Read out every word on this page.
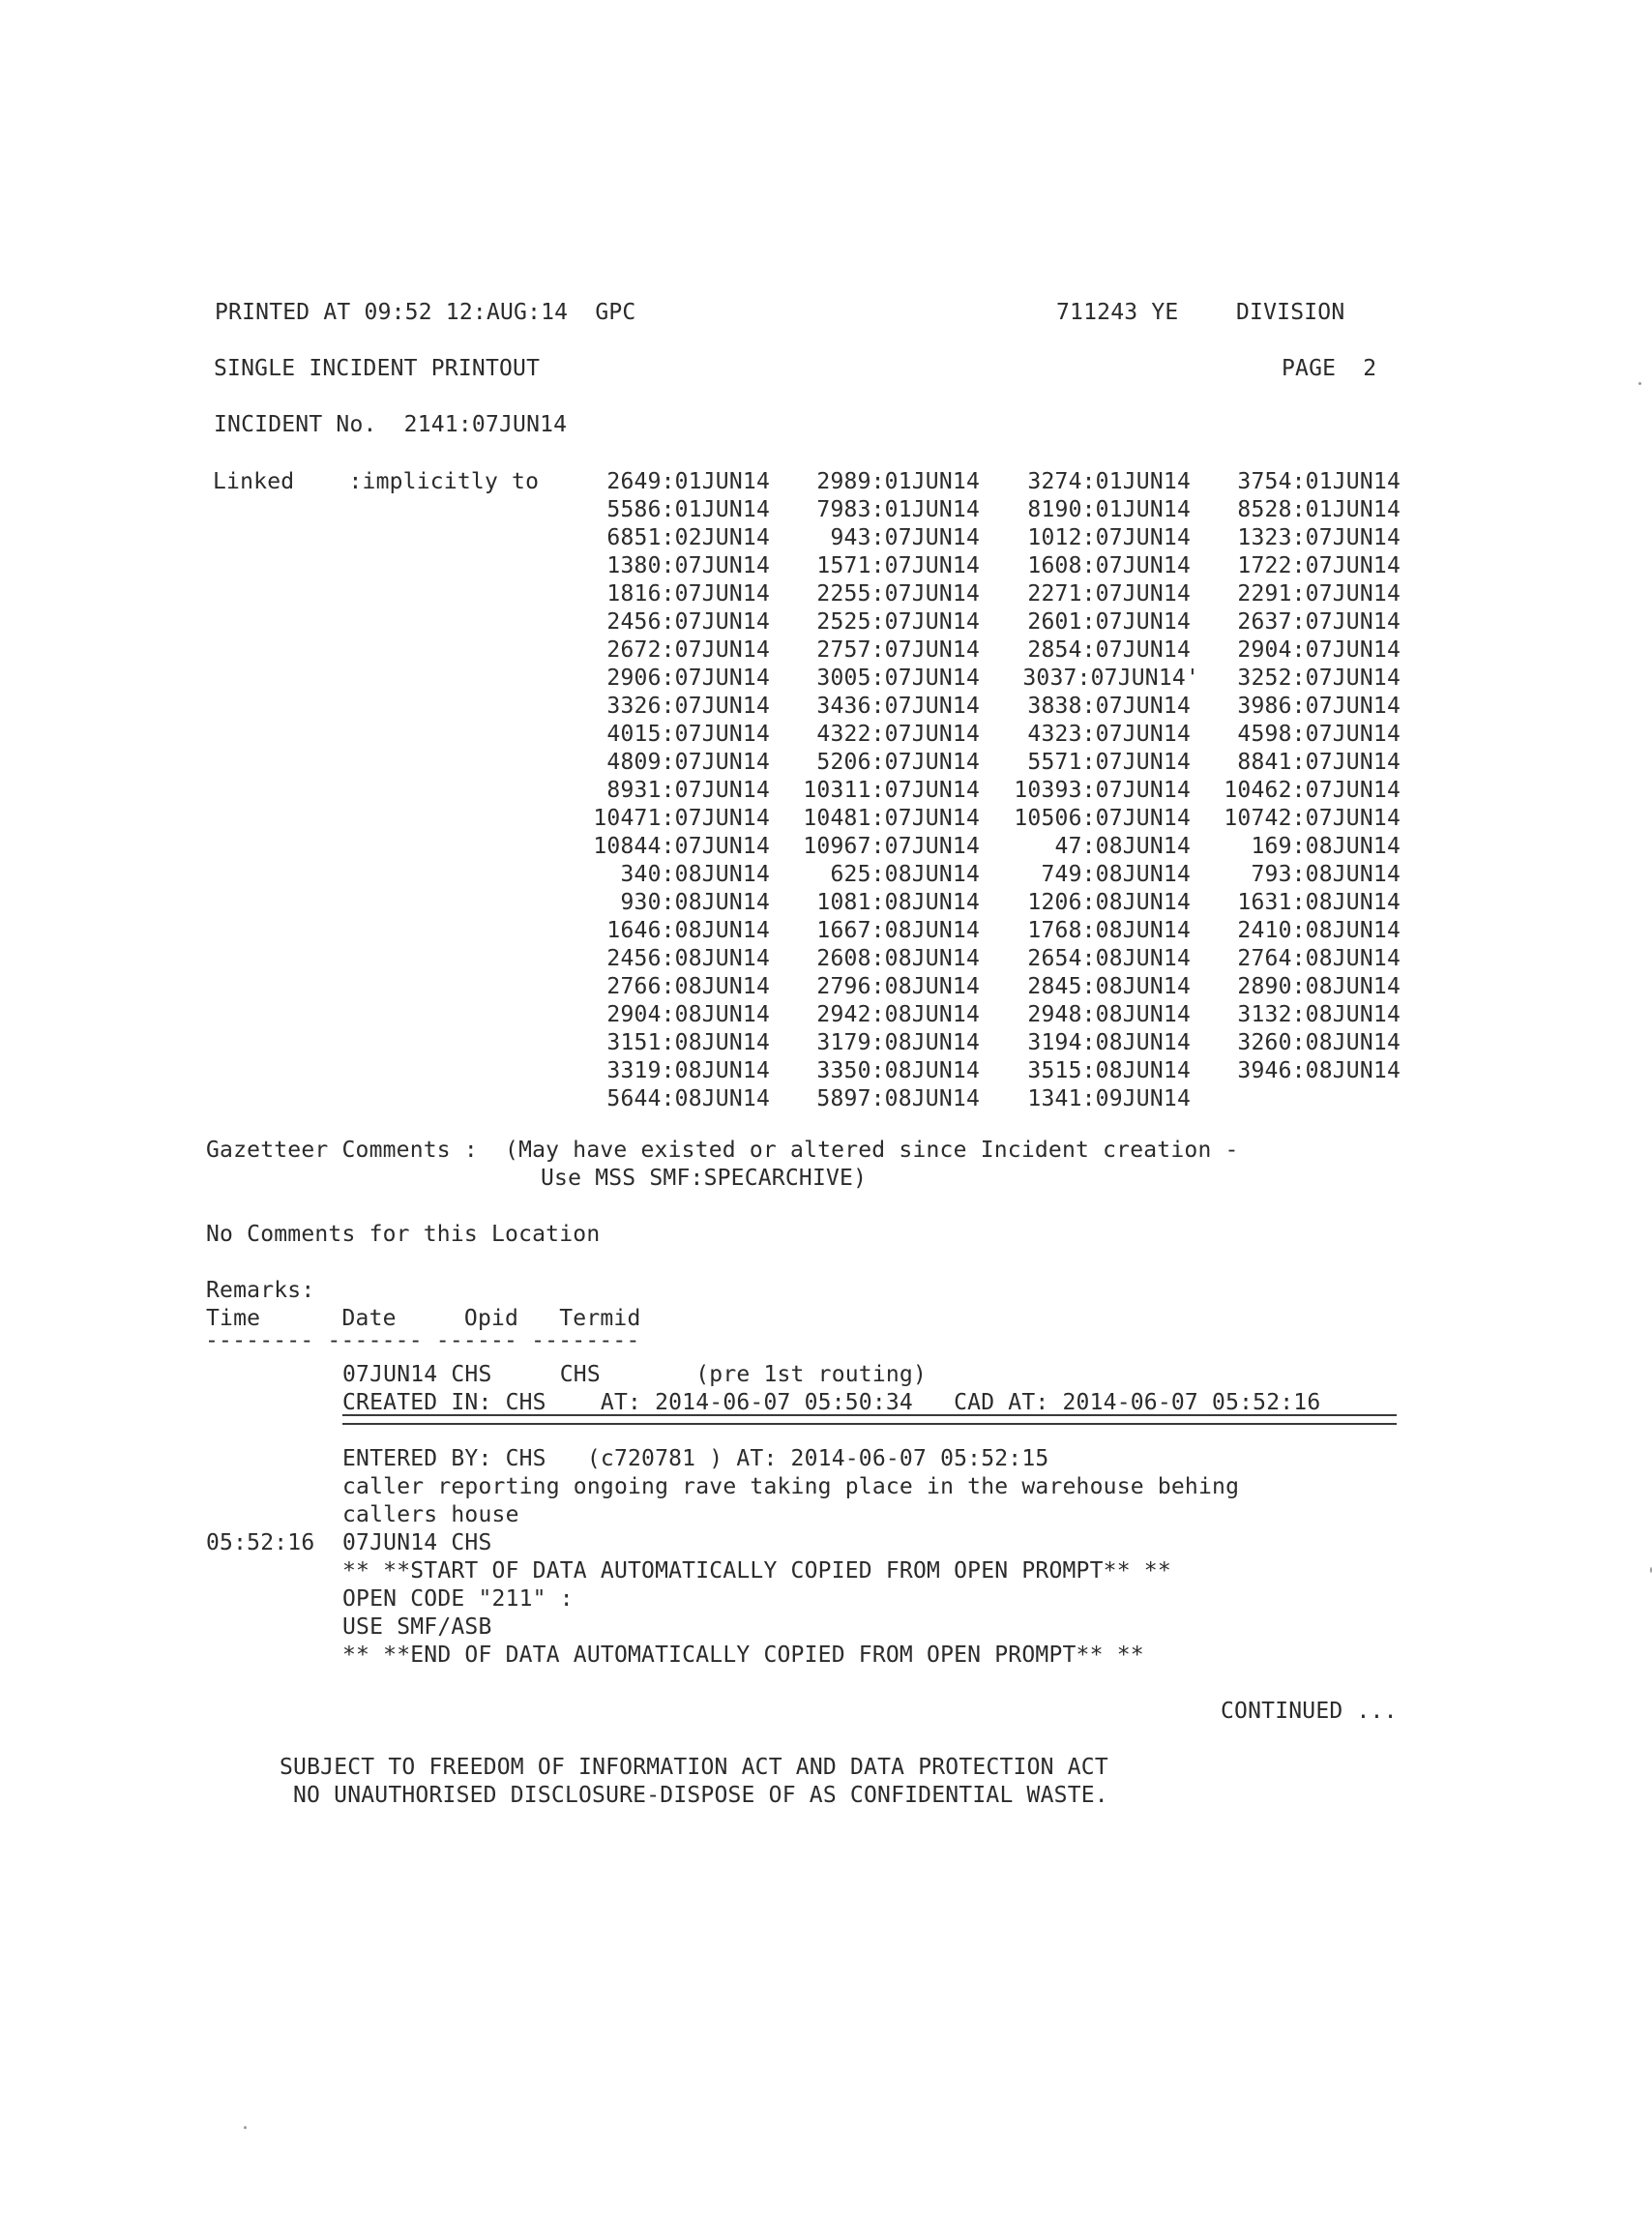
PRINTED AT 09:52 12:AUG:14  GPC	711243 YE	DIVISION
SINGLE INCIDENT PRINTOUT	PAGE  2
INCIDENT No.  2141:07JUN14
Linked    :implicitly to	2649:01JUN14	2989:01JUN14	3274:01JUN14	3754:01JUN14
5586:01JUN14	7983:01JUN14	8190:01JUN14	8528:01JUN14
6851:02JUN14	943:07JUN14	1012:07JUN14	1323:07JUN14
1380:07JUN14	1571:07JUN14	1608:07JUN14	1722:07JUN14
1816:07JUN14	2255:07JUN14	2271:07JUN14	2291:07JUN14
2456:07JUN14	2525:07JUN14	2601:07JUN14	2637:07JUN14
2672:07JUN14	2757:07JUN14	2854:07JUN14	2904:07JUN14
2906:07JUN14	3005:07JUN14	3037:07JUN14'	3252:07JUN14
3326:07JUN14	3436:07JUN14	3838:07JUN14	3986:07JUN14
4015:07JUN14	4322:07JUN14	4323:07JUN14	4598:07JUN14
4809:07JUN14	5206:07JUN14	5571:07JUN14	8841:07JUN14
8931:07JUN14	10311:07JUN14	10393:07JUN14	10462:07JUN14
10471:07JUN14	10481:07JUN14	10506:07JUN14	10742:07JUN14
10844:07JUN14	10967:07JUN14	47:08JUN14	169:08JUN14
340:08JUN14	625:08JUN14	749:08JUN14	793:08JUN14
930:08JUN14	1081:08JUN14	1206:08JUN14	1631:08JUN14
1646:08JUN14	1667:08JUN14	1768:08JUN14	2410:08JUN14
2456:08JUN14	2608:08JUN14	2654:08JUN14	2764:08JUN14
2766:08JUN14	2796:08JUN14	2845:08JUN14	2890:08JUN14
2904:08JUN14	2942:08JUN14	2948:08JUN14	3132:08JUN14
3151:08JUN14	3179:08JUN14	3194:08JUN14	3260:08JUN14
3319:08JUN14	3350:08JUN14	3515:08JUN14	3946:08JUN14
5644:08JUN14	5897:08JUN14	1341:09JUN14
Gazetteer Comments :  (May have existed or altered since Incident creation -
Use MSS SMF:SPECARCHIVE)
No Comments for this Location
Remarks:
Time      Date     Opid   Termid
-------- ------- ------ --------
07JUN14 CHS     CHS       (pre 1st routing)
CREATED IN: CHS    AT: 2014-06-07 05:50:34   CAD AT: 2014-06-07 05:52:16
ENTERED BY: CHS   (c720781 ) AT: 2014-06-07 05:52:15
caller reporting ongoing rave taking place in the warehouse behing
callers house
05:52:16 07JUN14 CHS
** **START OF DATA AUTOMATICALLY COPIED FROM OPEN PROMPT** **
OPEN CODE "211" :
USE SMF/ASB
** **END OF DATA AUTOMATICALLY COPIED FROM OPEN PROMPT** **
CONTINUED ...
SUBJECT TO FREEDOM OF INFORMATION ACT AND DATA PROTECTION ACT
NO UNAUTHORISED DISCLOSURE-DISPOSE OF AS CONFIDENTIAL WASTE.
